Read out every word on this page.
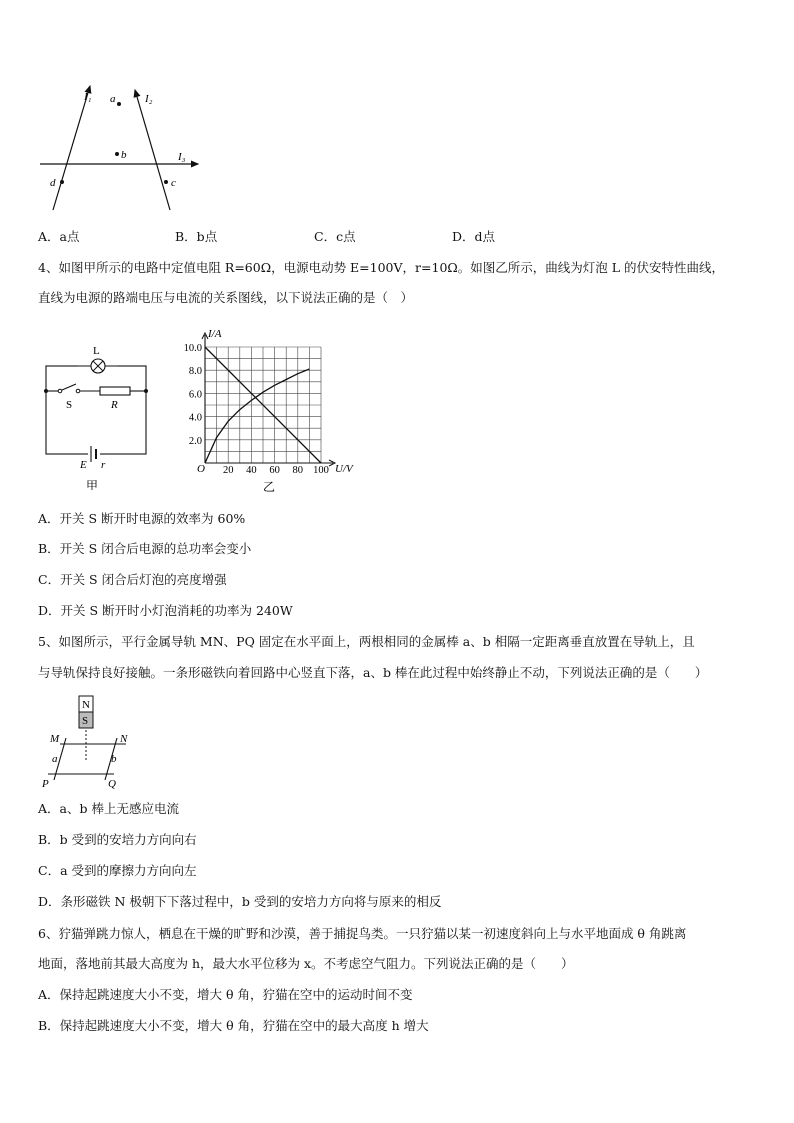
I₁	I₂
I₃
a
b
d	c
A．a点	B．b点	C．c点	D．d点
4、如图甲所示的电路中定值电阻 R=60Ω，电源电动势 E=100V，r=10Ω。如图乙所示，曲线为灯泡 L 的伏安特性曲线，
直线为电源的路端电压与电流的关系图线，以下说法正确的是（　）
L
S	R
E r
甲
2.0
4.0
6.0
8.0
10.0
20 40 60 80 100
I/A
U/V
O
乙
A．开关 S 断开时电源的效率为 60%
B．开关 S 闭合后电源的总功率会变小
C．开关 S 闭合后灯泡的亮度增强
D．开关 S 断开时小灯泡消耗的功率为 240W
5、如图所示，平行金属导轨 MN、PQ 固定在水平面上，两根相同的金属棒 a、b 相隔一定距离垂直放置在导轨上，且
与导轨保持良好接触。一条形磁铁向着回路中心竖直下落，a、b 棒在此过程中始终静止不动，下列说法正确的是（　　）
N
S
M	N
a	b
P	Q
A．a、b 棒上无感应电流
B．b 受到的安培力方向向右
C．a 受到的摩擦力方向向左
D．条形磁铁 N 极朝下下落过程中，b 受到的安培力方向将与原来的相反
6、狞猫弹跳力惊人，栖息在干燥的旷野和沙漠，善于捕捉鸟类。一只狞猫以某一初速度斜向上与水平地面成 θ 角跳离
地面，落地前其最大高度为 h，最大水平位移为 x。不考虑空气阻力。下列说法正确的是（　　）
A．保持起跳速度大小不变，增大 θ 角，狞猫在空中的运动时间不变
B．保持起跳速度大小不变，增大 θ 角，狞猫在空中的最大高度 h 增大
